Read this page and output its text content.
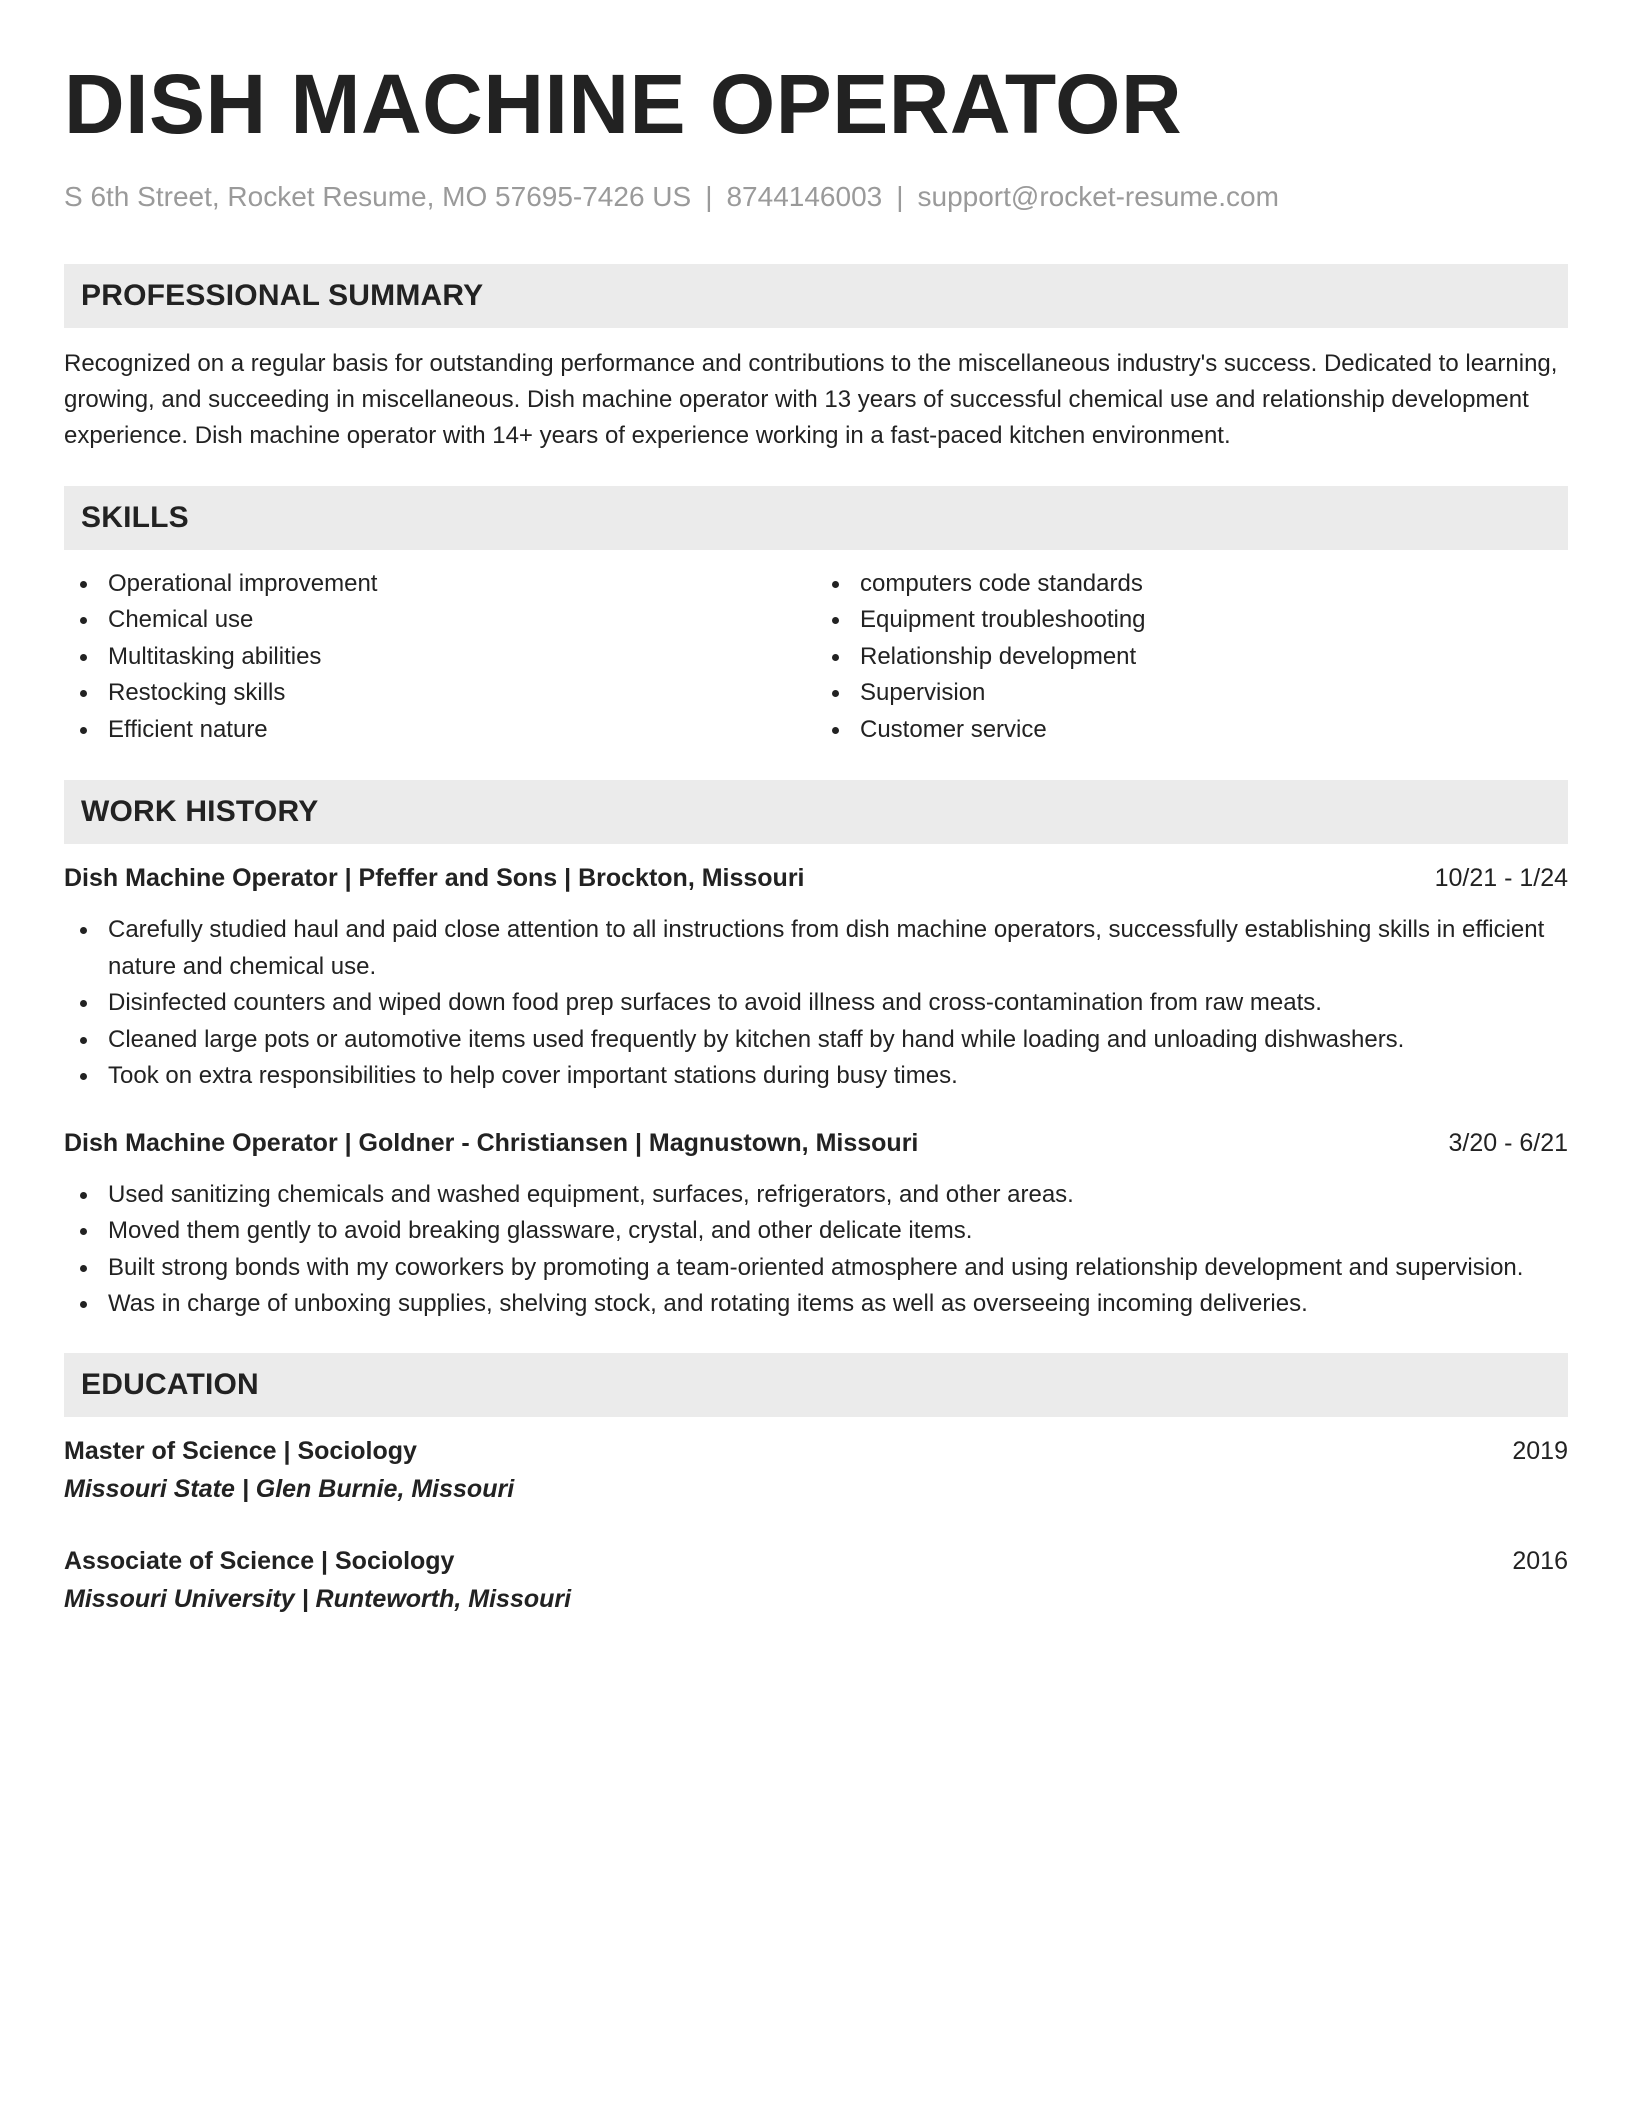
DISH MACHINE OPERATOR
S 6th Street, Rocket Resume, MO 57695-7426 US | 8744146003 | support@rocket-resume.com
PROFESSIONAL SUMMARY

Recognized on a regular basis for outstanding performance and contributions to the miscellaneous industry's success. Dedicated to learning, growing, and succeeding in miscellaneous. Dish machine operator with 13 years of successful chemical use and relationship development experience. Dish machine operator with 14+ years of experience working in a fast-paced kitchen environment.

SKILLS
Operational improvement
Chemical use
Multitasking abilities
Restocking skills
Efficient nature
computers code standards
Equipment troubleshooting
Relationship development
Supervision
Customer service
WORK HISTORY
Dish Machine Operator | Pfeffer and Sons | Brockton, Missouri	10/21 - 1/24
Carefully studied haul and paid close attention to all instructions from dish machine operators, successfully establishing skills in efficient nature and chemical use.
Disinfected counters and wiped down food prep surfaces to avoid illness and cross-contamination from raw meats.
Cleaned large pots or automotive items used frequently by kitchen staff by hand while loading and unloading dishwashers.
Took on extra responsibilities to help cover important stations during busy times.
Dish Machine Operator | Goldner - Christiansen | Magnustown, Missouri	3/20 - 6/21
Used sanitizing chemicals and washed equipment, surfaces, refrigerators, and other areas.
Moved them gently to avoid breaking glassware, crystal, and other delicate items.
Built strong bonds with my coworkers by promoting a team-oriented atmosphere and using relationship development and supervision.
Was in charge of unboxing supplies, shelving stock, and rotating items as well as overseeing incoming deliveries.
EDUCATION
Master of Science | Sociology	2019
Missouri State | Glen Burnie, Missouri
Associate of Science | Sociology	2016
Missouri University | Runteworth, Missouri
